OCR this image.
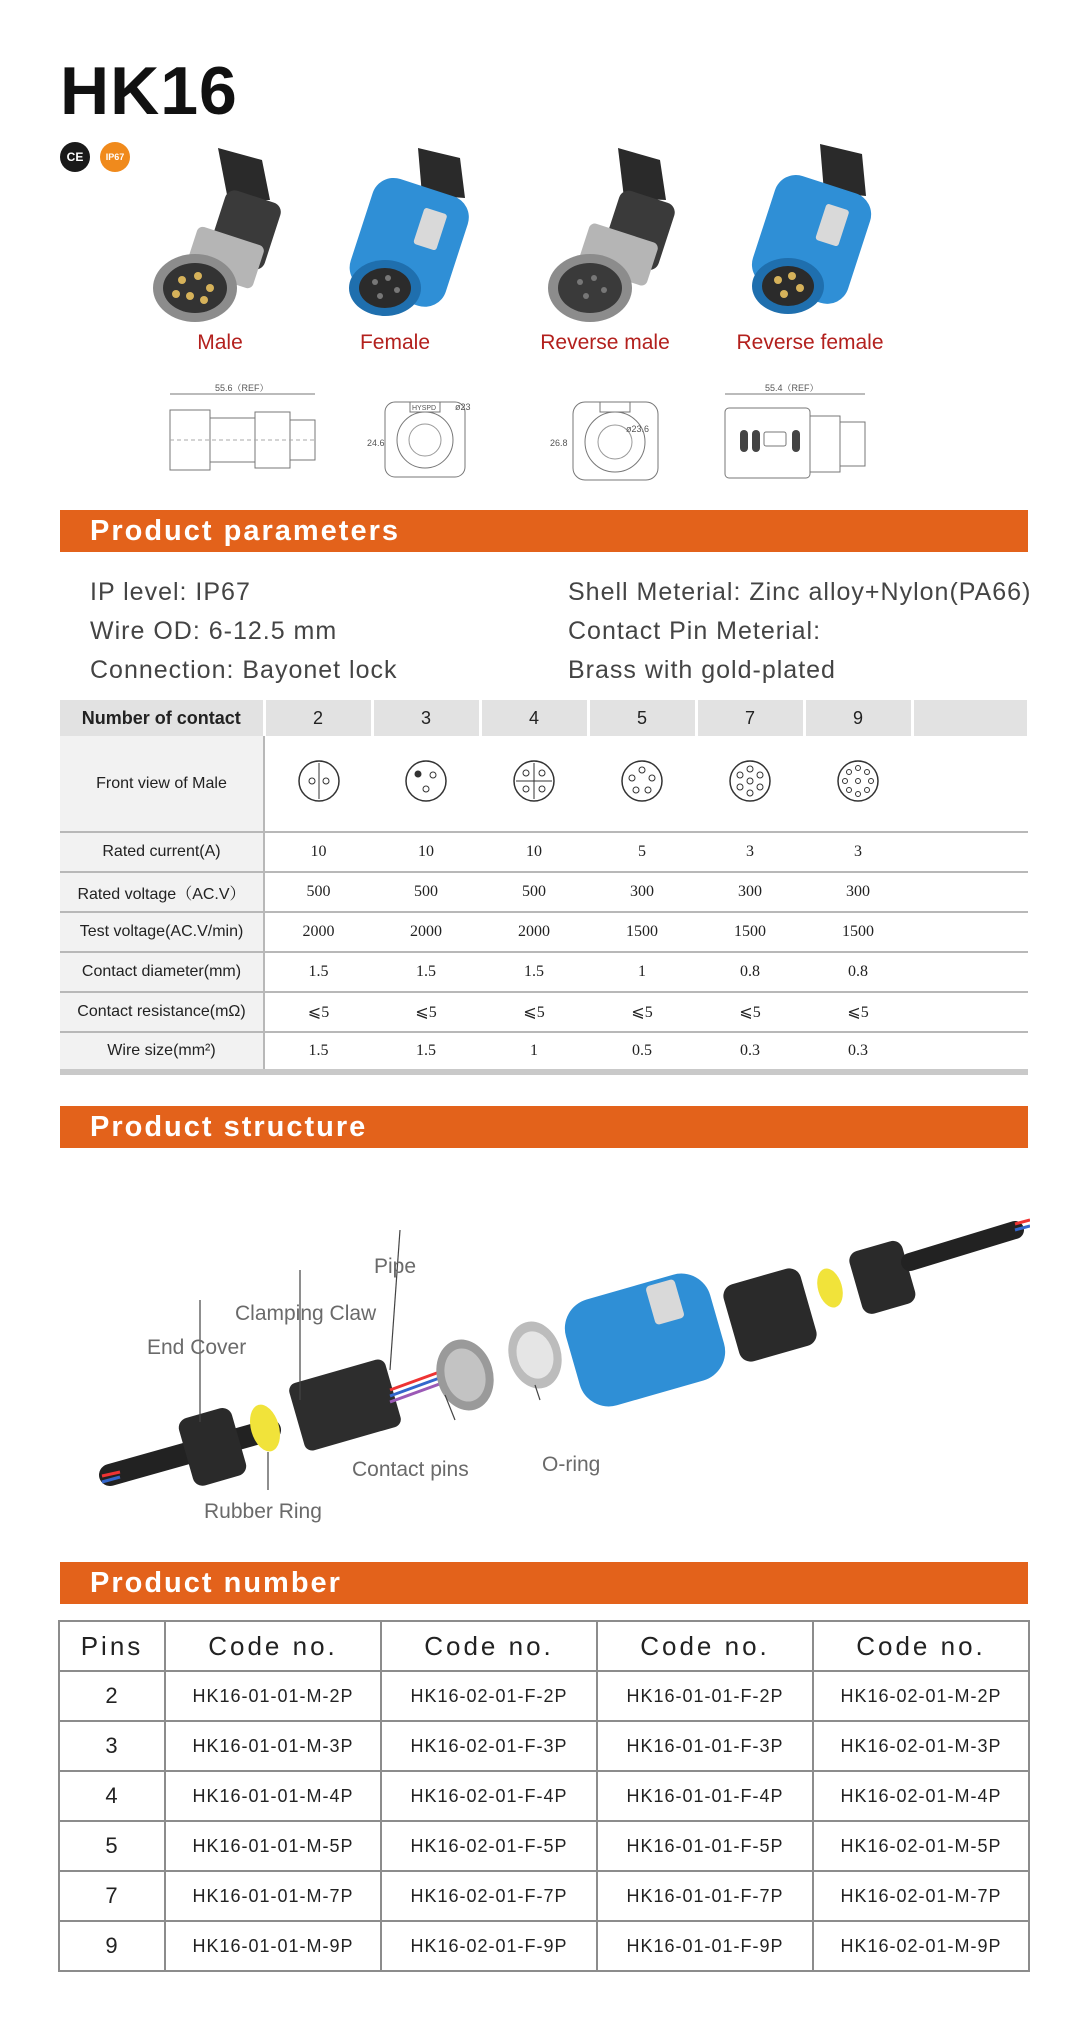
HK16
CE	IP67
Male	Female	Reverse male	Reverse female
55.6（REF）
HYSPD
24.6
ø23
26.8
ø23.6
55.4（REF）
Product parameters
IP level: IP67
Wire OD: 6-12.5 mm
Connection: Bayonet lock
Shell Meterial: Zinc alloy+Nylon(PA66)
Contact Pin Meterial:
Brass with gold-plated
Number of contact	2	3	4	5	7	9	
Front view of Male							
Rated current(A)	10	10	10	5	3	3	
Rated voltage（AC.V）	500	500	500	300	300	300	
Test voltage(AC.V/min)	2000	2000	2000	1500	1500	1500	
Contact diameter(mm)	1.5	1.5	1.5	1	0.8	0.8	
Contact resistance(mΩ)	⩽5	⩽5	⩽5	⩽5	⩽5	⩽5	
Wire size(mm²)	1.5	1.5	1	0.5	0.3	0.3	
Product structure
Pipe
Clamping Claw
End Cover
Contact pins	O-ring
Rubber Ring
Product number
Pins	Code no.	Code no.	Code no.	Code no.
2	HK16-01-01-M-2P	HK16-02-01-F-2P	HK16-01-01-F-2P	HK16-02-01-M-2P
3	HK16-01-01-M-3P	HK16-02-01-F-3P	HK16-01-01-F-3P	HK16-02-01-M-3P
4	HK16-01-01-M-4P	HK16-02-01-F-4P	HK16-01-01-F-4P	HK16-02-01-M-4P
5	HK16-01-01-M-5P	HK16-02-01-F-5P	HK16-01-01-F-5P	HK16-02-01-M-5P
7	HK16-01-01-M-7P	HK16-02-01-F-7P	HK16-01-01-F-7P	HK16-02-01-M-7P
9	HK16-01-01-M-9P	HK16-02-01-F-9P	HK16-01-01-F-9P	HK16-02-01-M-9P
